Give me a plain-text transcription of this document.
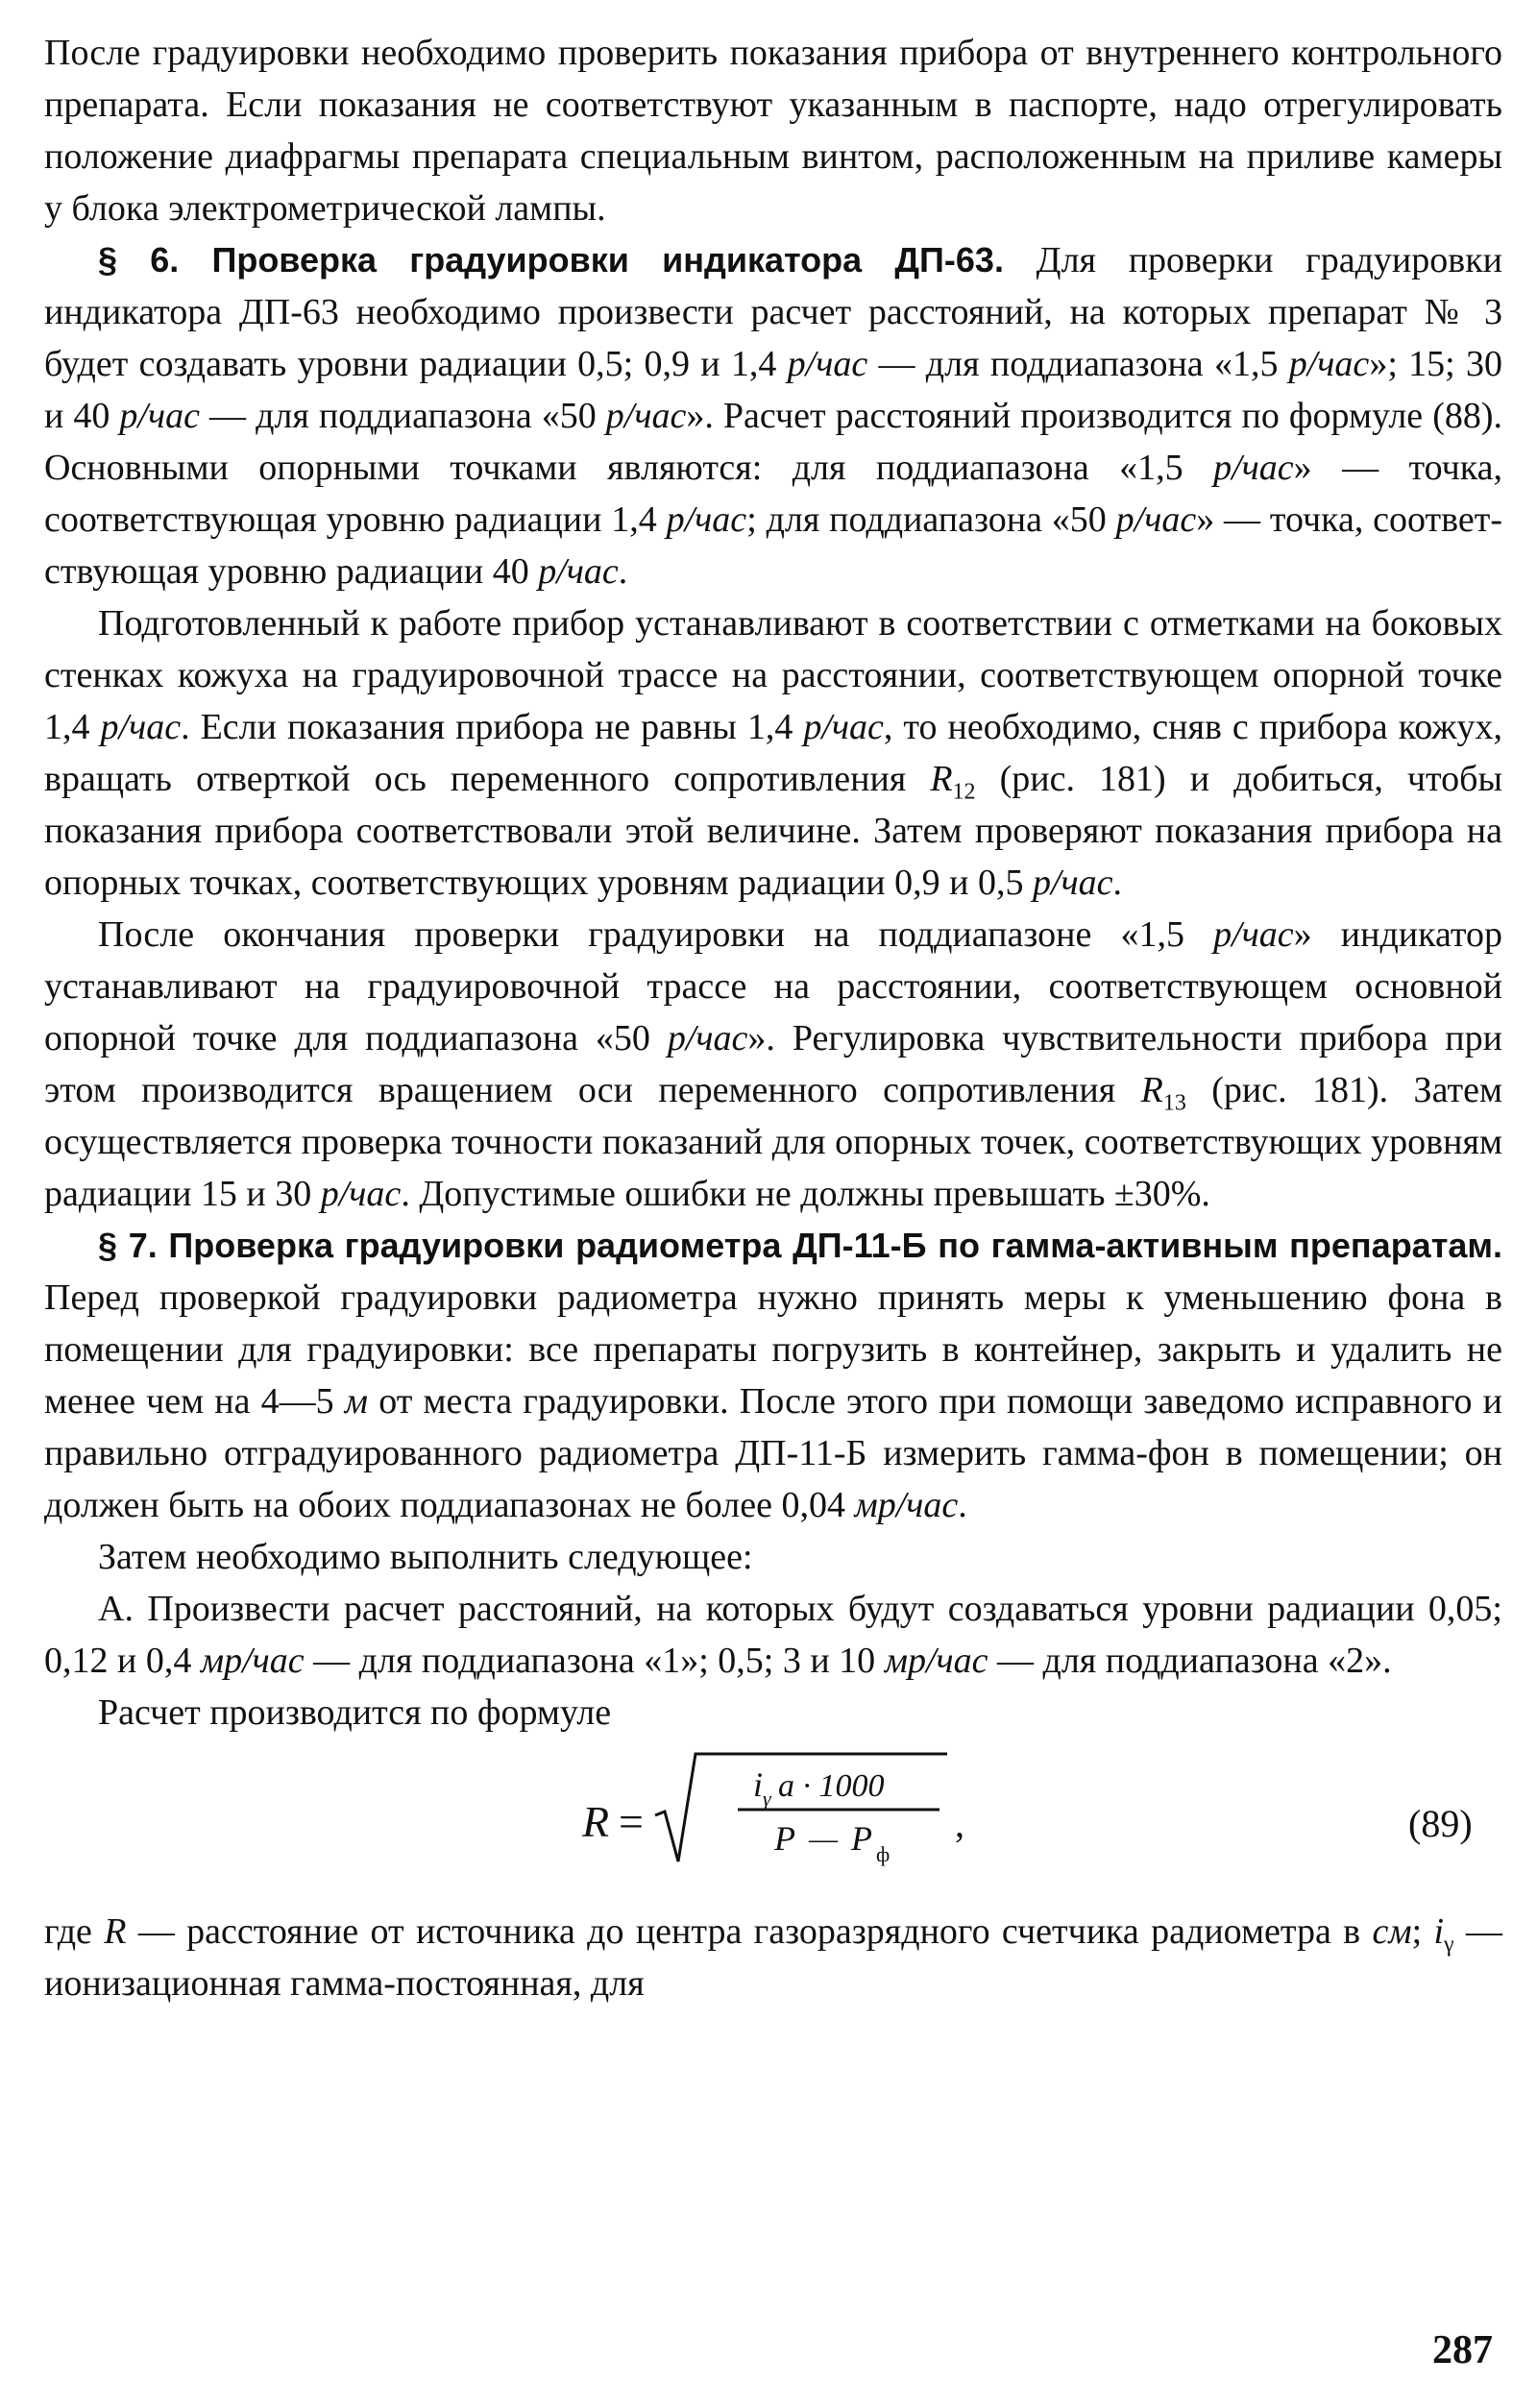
После градуировки необходимо проверить показания прибора от внутреннего контрольного препарата. Если показания не соответствуют указанным в паспорте, надо отрегулировать положение диафрагмы препарата специальным винтом, расположенным на приливе камеры у блока электрометрической лампы.

§ 6. Проверка градуировки индикатора ДП-63. Для проверки градуировки индикатора ДП-63 необходимо произвести расчет расстояний, на которых препарат № 3 будет создавать уровни радиации 0,5; 0,9 и 1,4 р/час — для поддиапазона «1,5 р/час»; 15; 30 и 40 р/час — для поддиапазона «50 р/час». Расчет расстояний производится по формуле (88). Основными опорными точками являются: для поддиапазона «1,5 р/час» — точка, соответствующая уровню радиации 1,4 р/час; для поддиапазона «50 р/час» — точка, соответствующая уровню радиации 40 р/час.

Подготовленный к работе прибор устанавливают в соответствии с отметками на боковых стенках кожуха на градуировочной трассе на расстоянии, соответствующем опорной точке 1,4 р/час. Если показания прибора не равны 1,4 р/час, то необходимо, сняв с прибора кожух, вращать отверткой ось переменного сопротивления $R_{12}$ (рис. 181) и добиться, чтобы показания прибора соответствовали этой величине. Затем проверяют показания прибора на опорных точках, соответствующих уровням радиации 0,9 и 0,5 р/час.

После окончания проверки градуировки на поддиапазоне «1,5 р/час» индикатор устанавливают на градуировочной трассе на расстоянии, соответствующем основной опорной точке для поддиапазона «50 р/час». Регулировка чувствительности прибора при этом производится вращением оси переменного сопротивления $R_{13}$ (рис. 181). Затем осуществляется проверка точности показаний для опорных точек, соответствующих уровням радиации 15 и 30 р/час. Допустимые ошибки не должны превышать ±30%.

§ 7. Проверка градуировки радиометра ДП-11-Б по гамма-активным препаратам. Перед проверкой градуировки радиометра нужно принять меры к уменьшению фона в помещении для градуировки: все препараты погрузить в контейнер, закрыть и удалить не менее чем на 4—5 м от места градуировки. После этого при помощи заведомо исправного и правильно отградуированного радиометра ДП-11-Б измерить гамма-фон в помещении; он должен быть на обоих поддиапазонах не более 0,04 мр/час.

Затем необходимо выполнить следующее:

А. Произвести расчет расстояний, на которых будут создаваться уровни радиации 0,05; 0,12 и 0,4 мр/час — для поддиапазона «1»; 0,5; 3 и 10 мр/час — для поддиапазона «2».

Расчет производится по формуле

R =
i γ a · 1000
P — P ф
,	(89)

где R — расстояние от источника до центра газоразрядного счетчика радиометра в см; $i_\gamma$ — ионизационная гамма-постоянная, для

287
